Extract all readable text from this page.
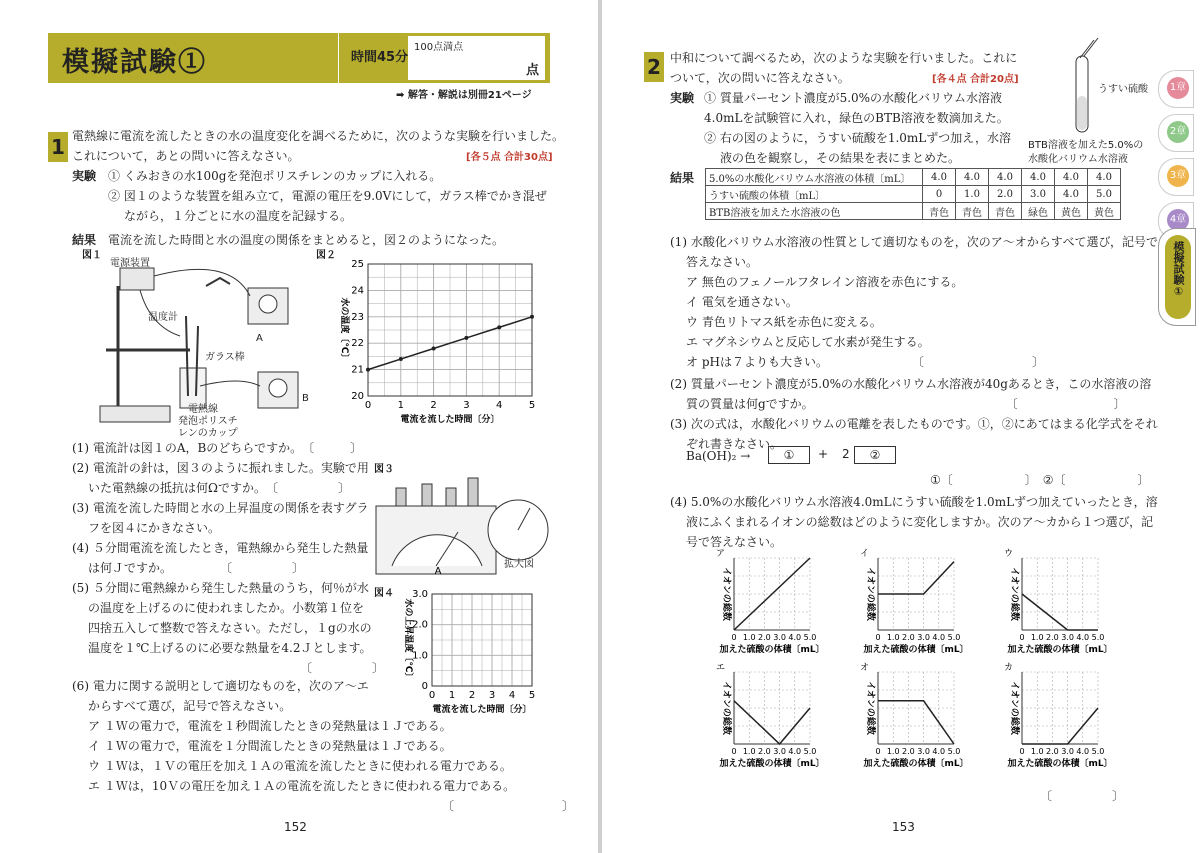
模擬試験①	時間45分
100点満点
点
➡ 解答・解説は別冊21ページ
1 電熱線に電流を流したときの水の温度変化を調べるために，次のような実験を行いました。
これについて，あとの問いに答えなさい。	[各５点 合計30点]
実験 ① くみおきの水100gを発泡ポリスチレンのカップに入れる。
② 図１のような装置を組み立て，電源の電圧を9.0Vにして，ガラス棒でかき混ぜ
ながら，１分ごとに水の温度を記録する。
結果 電流を流した時間と水の温度の関係をまとめると，図２のようになった。
図１
電源装置
温度計
ガラス棒
A
B
電熱線
発泡ポリスチ
レンのカップ
図２
0	1	2	3	4	5
20
21
22
23
24
25
電流を流した時間〔分〕
水の温度〔℃〕
(1) 電流計は図１のA，Bのどちらですか。　〔　　　〕
(2) 電流計の針は，図３のように振れました。実験で用
いた電熱線の抵抗は何Ωですか。　〔　　　　　〕
(3) 電流を流した時間と水の上昇温度の関係を表すグラ
フを図４にかきなさい。
(4) ５分間電流を流したとき，電熱線から発生した熱量
は何Ｊですか。　　　　　〔　　　　　〕
(5) ５分間に電熱線から発生した熱量のうち，何％が水
の温度を上げるのに使われましたか。小数第１位を
四捨五入して整数で答えなさい。ただし，１gの水の
温度を１℃上げるのに必要な熱量を4.2Ｊとします。
〔　　　　　〕
(6) 電力に関する説明として適切なものを，次のア〜エ
からすべて選び，記号で答えなさい。
ア １Ｗの電力で，電流を１秒間流したときの発熱量は１Ｊである。
イ １Ｗの電力で，電流を１分間流したときの発熱量は１Ｊである。
ウ １Ｗは，１Ｖの電圧を加え１Ａの電流を流したときに使われる電力である。
エ １Ｗは，10Ｖの電圧を加え１Ａの電流を流したときに使われる電力である。
〔　　　　　　　　　〕
図３
A
拡大図
図４
0 1 2 3 4 5
0
1.0
2.0
3.0
電流を流した時間〔分〕
水の上昇温度〔℃〕
152
2 中和について調べるため，次のような実験を行いました。これに
ついて，次の問いに答えなさい。	[各４点 合計20点]
実験 ① 質量パーセント濃度が5.0%の水酸化バリウム水溶液
4.0mLを試験管に入れ，緑色のBTB溶液を数滴加えた。
② 右の図のように，うすい硫酸を1.0mLずつ加え，水溶
液の色を観察し，その結果を表にまとめた。
うすい硫酸
BTB溶液を加えた5.0%の
水酸化バリウム水溶液
結果 5.0%の水酸化バリウム水溶液の体積〔mL〕	4.0	4.0	4.0	4.0	4.0	4.0
うすい硫酸の体積〔mL〕	0	1.0	2.0	3.0	4.0	5.0
BTB溶液を加えた水溶液の色	青色	青色	青色	緑色	黄色	黄色
(1) 水酸化バリウム水溶液の性質として適切なものを，次のア〜オからすべて選び，記号で
答えなさい。
ア 無色のフェノールフタレイン溶液を赤色にする。
イ 電気を通さない。
ウ 青色リトマス紙を赤色に変える。
エ マグネシウムと反応して水素が発生する。
オ pHは７よりも大きい。　　　　　　　　〔　　　　　　　　　〕
(2) 質量パーセント濃度が5.0%の水酸化バリウム水溶液が40gあるとき，この水溶液の溶
質の質量は何gですか。　　　　　　　　　　　　　　　　　〔　　　　　　　　〕
(3) 次の式は，水酸化バリウムの電離を表したものです。①，②にあてはまる化学式をそれ
ぞれ書きなさい。
Ba(OH)₂ →
①〔　　　　　　〕　②〔　　　　　　〕
(4) 5.0%の水酸化バリウム水溶液4.0mLにうすい硫酸を1.0mLずつ加えていったとき，溶
液にふくまれるイオンの総数はどのように変化しますか。次のア〜カから１つ選び，記
号で答えなさい。
〔　　　　　〕
①	+ 2	②
ア
0 1.0 2.0 3.0 4.0 5.0
加えた硫酸の体積〔mL〕
イオンの総数
イ
0 1.0 2.0 3.0 4.0 5.0
加えた硫酸の体積〔mL〕
イオンの総数
ウ
0 1.0 2.0 3.0 4.0 5.0
加えた硫酸の体積〔mL〕
イオンの総数
エ
0 1.0 2.0 3.0 4.0 5.0
加えた硫酸の体積〔mL〕
イオンの総数
オ
0 1.0 2.0 3.0 4.0 5.0
加えた硫酸の体積〔mL〕
イオンの総数
カ
0 1.0 2.0 3.0 4.0 5.0
加えた硫酸の体積〔mL〕
イオンの総数
153
1章
2章
3章
4章
模擬試験①
